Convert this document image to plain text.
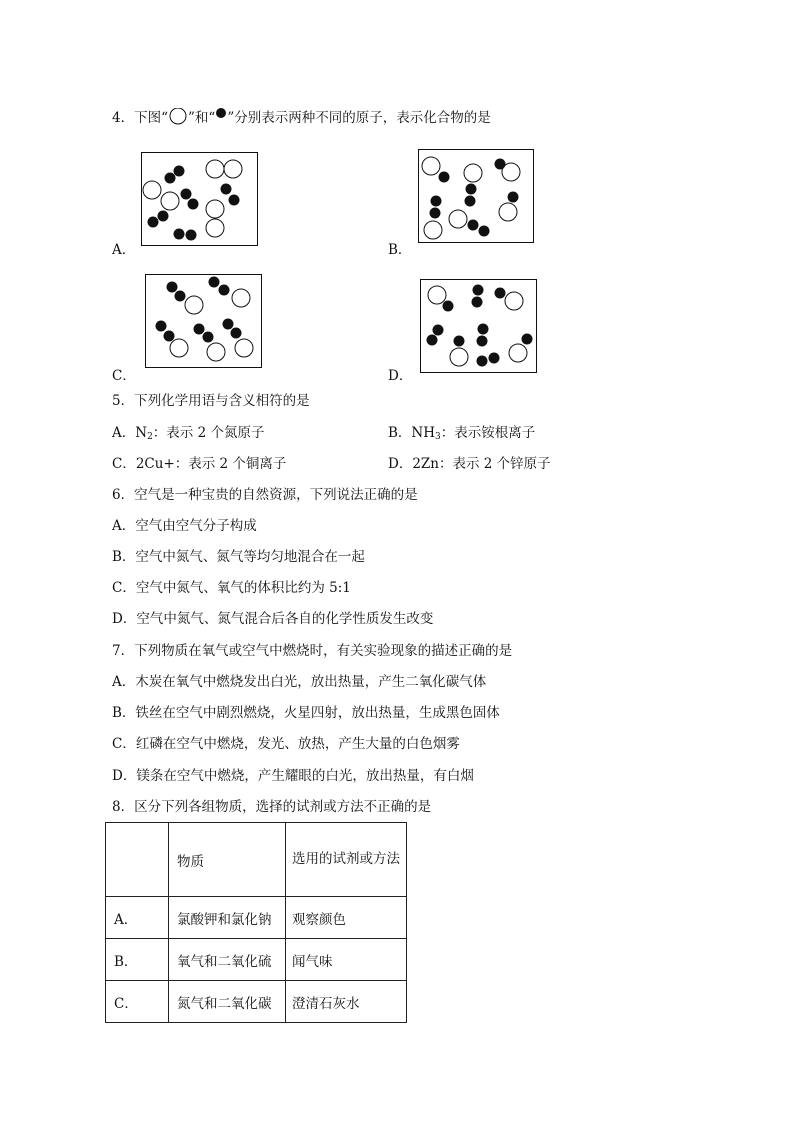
4．下图“ ”和“ ”分别表示两种不同的原子，表示化合物的是
A．	B．
C．	D．
5．下列化学用语与含义相符的是
A．$N_2$：表示 2 个氮原子	B．$NH_3$：表示铵根离子
C．2Cu+：表示 2 个铜离子	D．2Zn：表示 2 个锌原子
6．空气是一种宝贵的自然资源，下列说法正确的是
A．空气由空气分子构成
B．空气中氮气、氮气等均匀地混合在一起
C．空气中氮气、氧气的体积比约为 5:1
D．空气中氮气、氮气混合后各自的化学性质发生改变
7．下列物质在氧气或空气中燃烧时，有关实验现象的描述正确的是
A．木炭在氧气中燃烧发出白光，放出热量，产生二氧化碳气体
B．铁丝在空气中剧烈燃烧，火星四射，放出热量，生成黑色固体
C．红磷在空气中燃烧，发光、放热，产生大量的白色烟雾
D．镁条在空气中燃烧，产生耀眼的白光，放出热量，有白烟
8．区分下列各组物质，选择的试剂或方法不正确的是
	物质	选用的试剂或方法
A．	氯酸钾和氯化钠	观察颜色
B．	氧气和二氧化硫	闻气味
C．	氮气和二氧化碳	澄清石灰水
